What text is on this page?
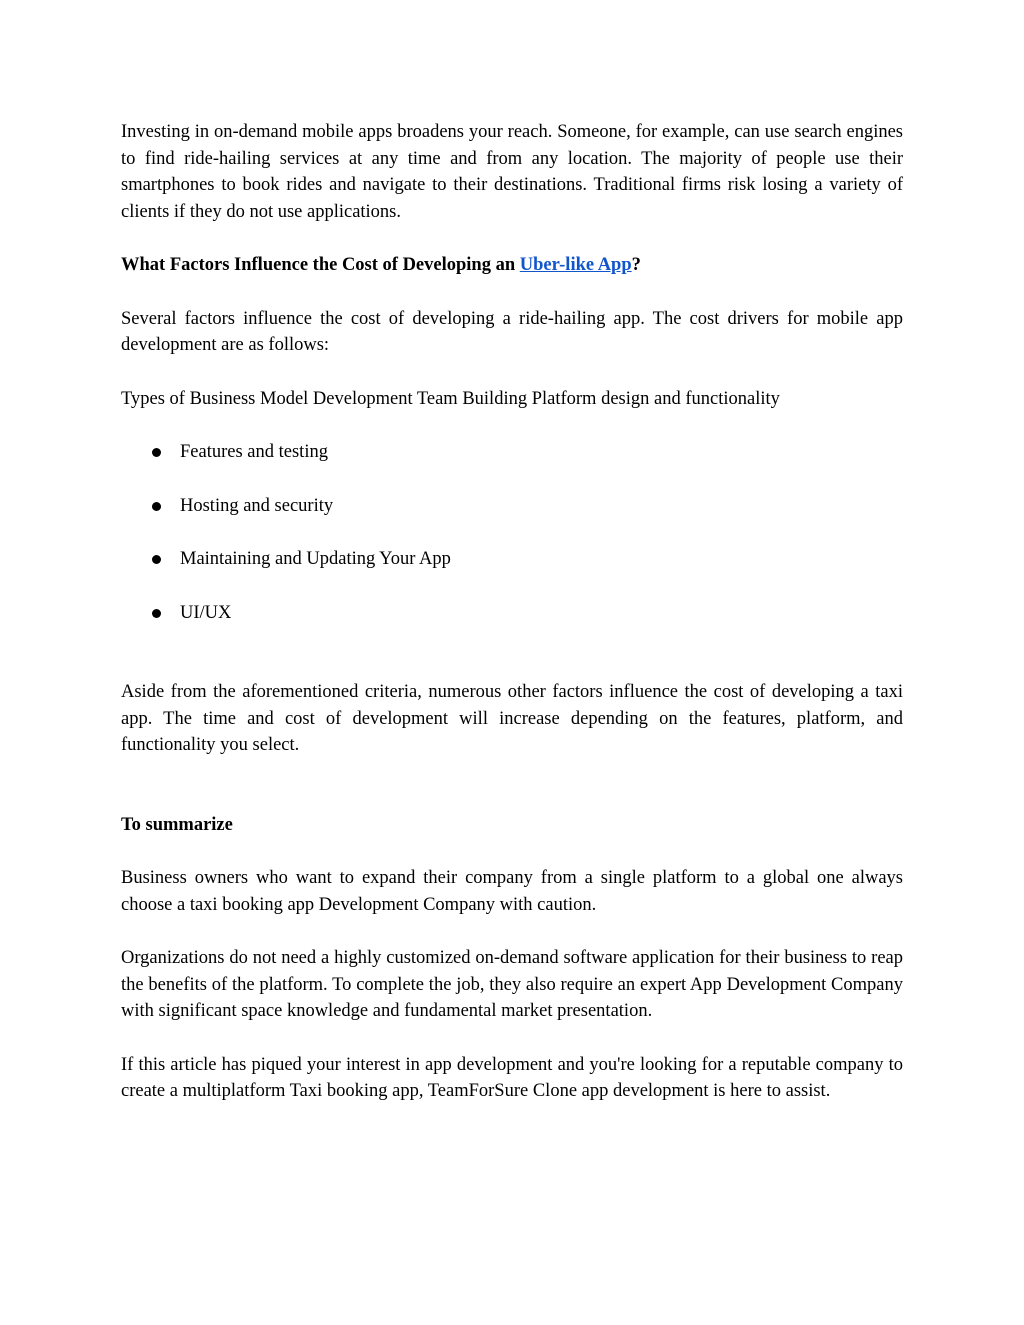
Investing in on-demand mobile apps broadens your reach. Someone, for example, can use search engines to find ride-hailing services at any time and from any location. The majority of people use their smartphones to book rides and navigate to their destinations. Traditional firms risk losing a variety of clients if they do not use applications.

What Factors Influence the Cost of Developing an Uber-like App?

Several factors influence the cost of developing a ride-hailing app. The cost drivers for mobile app development are as follows:

Types of Business Model Development Team Building Platform design and functionality

Features and testing
Hosting and security
Maintaining and Updating Your App
UI/UX

Aside from the aforementioned criteria, numerous other factors influence the cost of developing a taxi app. The time and cost of development will increase depending on the features, platform, and functionality you select.

To summarize

Business owners who want to expand their company from a single platform to a global one always choose a taxi booking app Development Company with caution.

Organizations do not need a highly customized on-demand software application for their business to reap the benefits of the platform. To complete the job, they also require an expert App Development Company with significant space knowledge and fundamental market presentation.

If this article has piqued your interest in app development and you're looking for a reputable company to create a multiplatform Taxi booking app, TeamForSure Clone app development is here to assist.
